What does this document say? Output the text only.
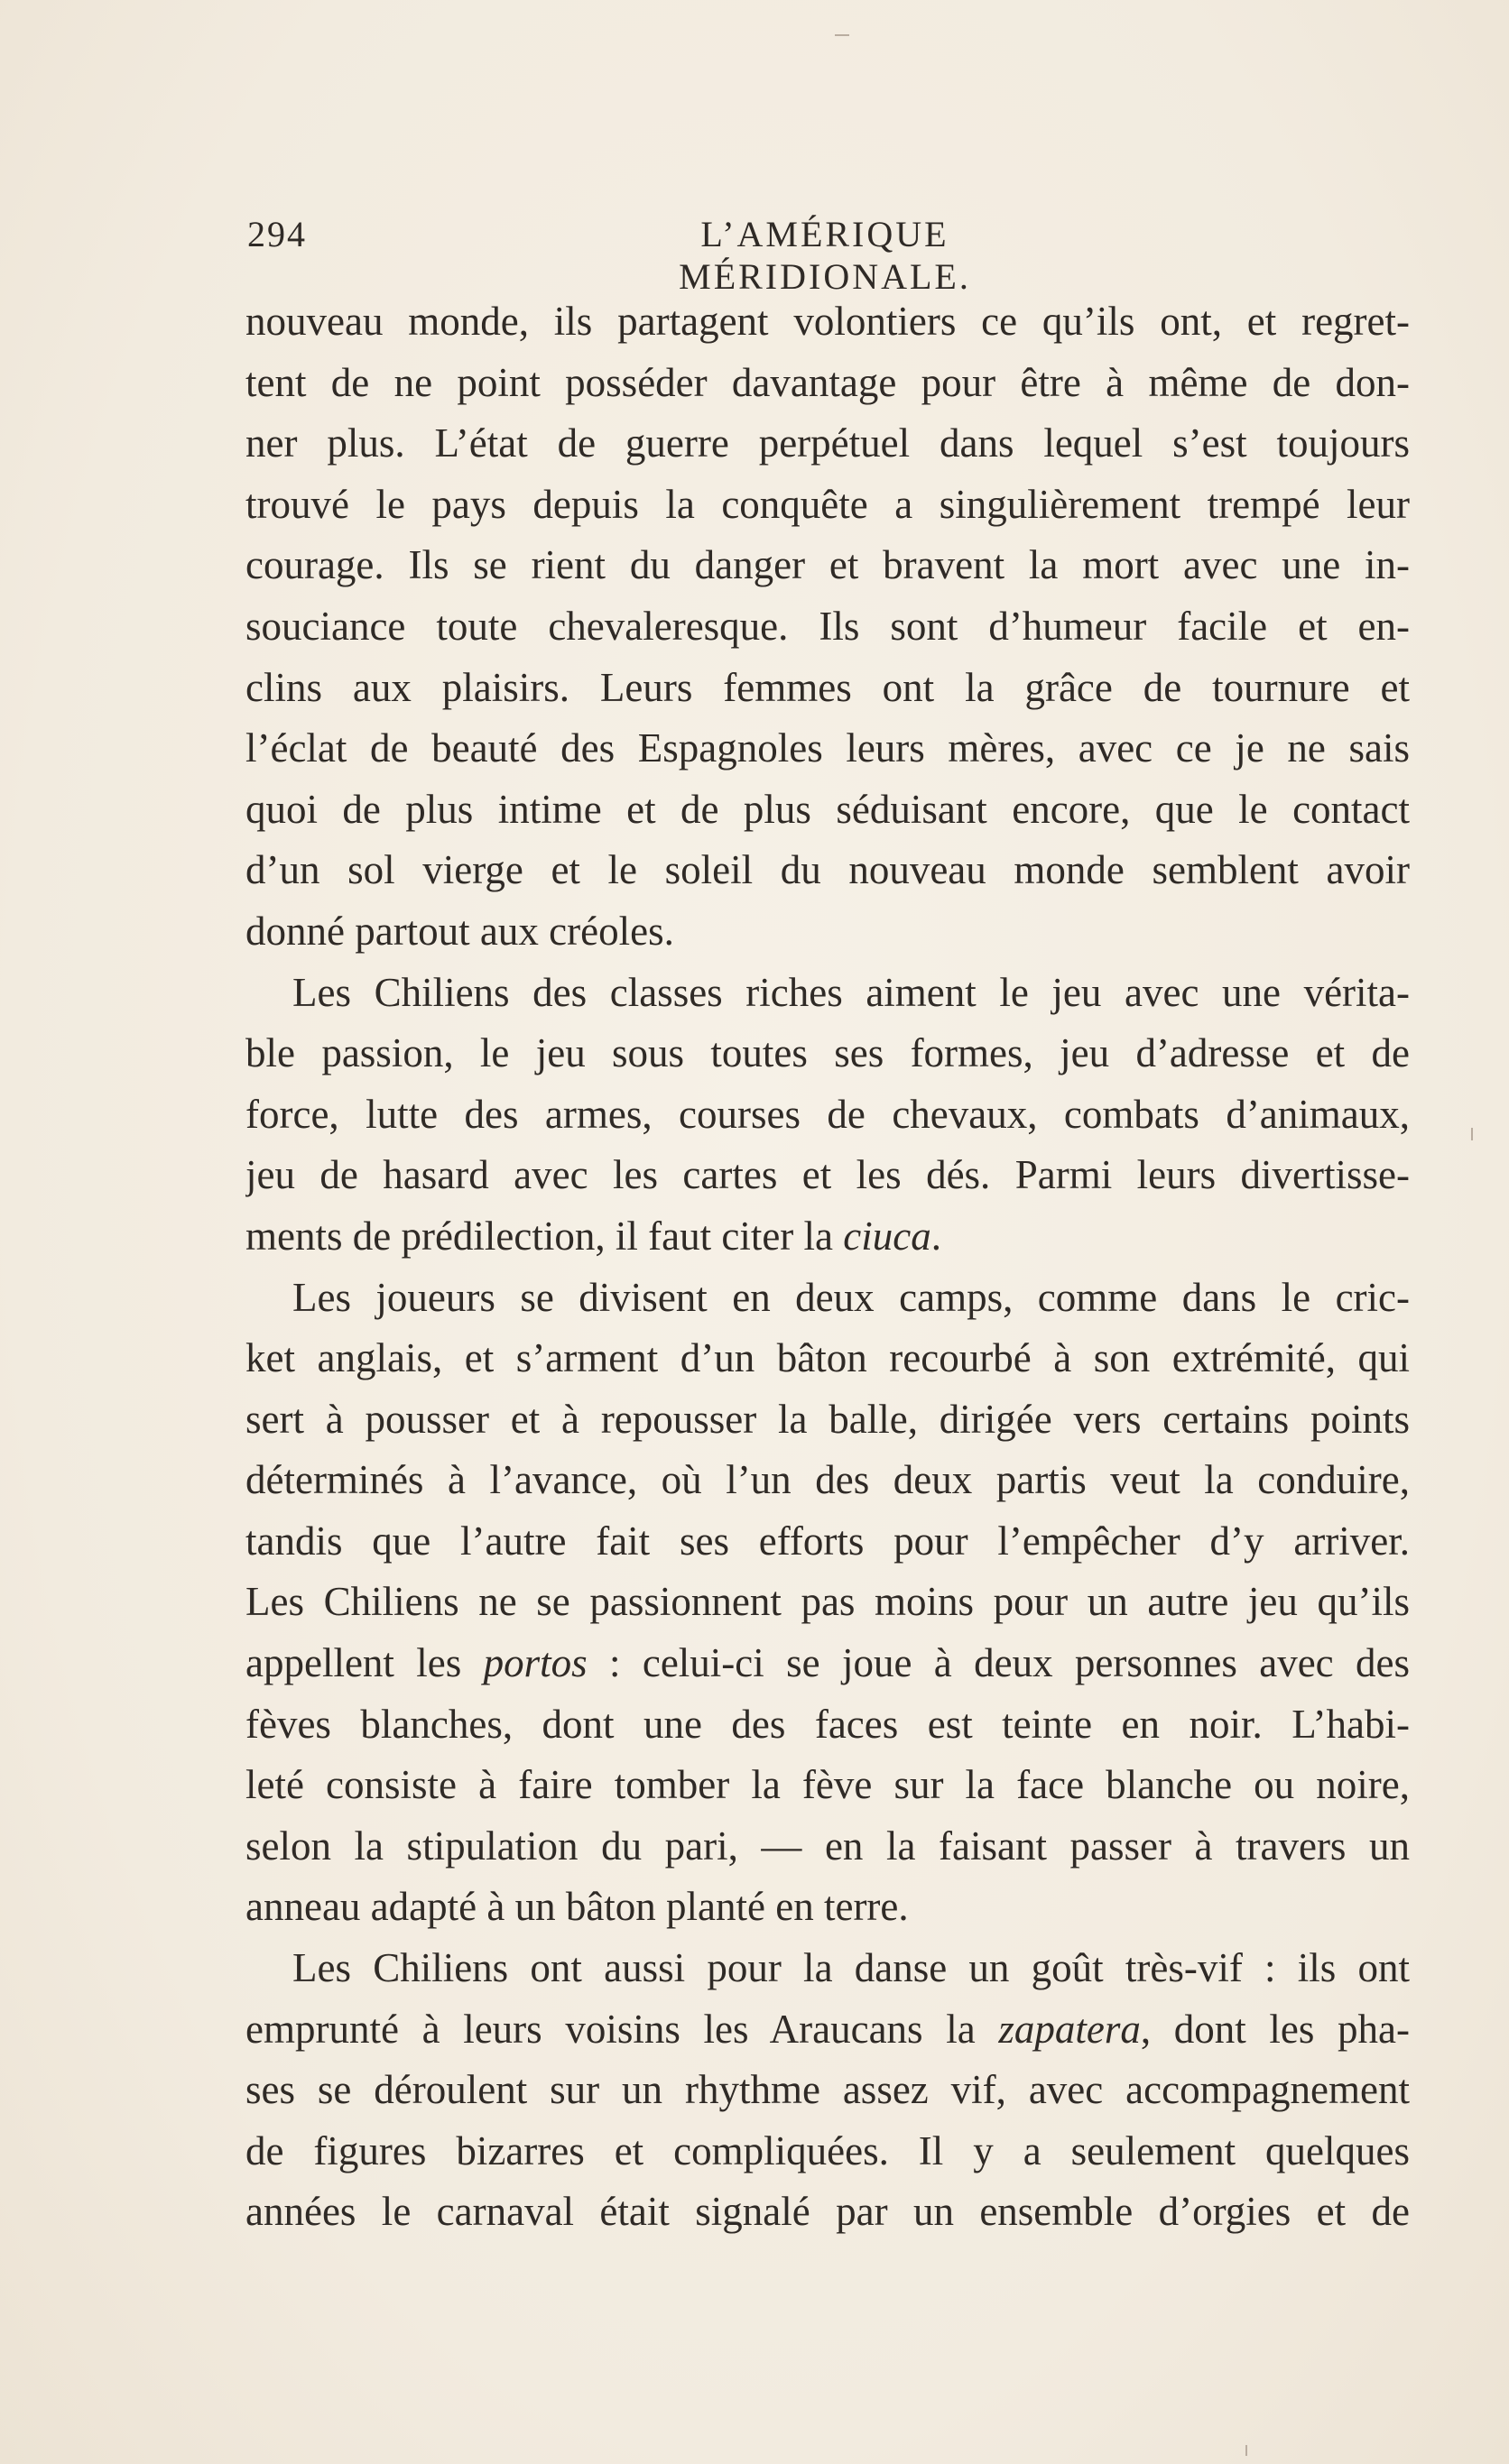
294	L’AMÉRIQUE MÉRIDIONALE.
nouveau monde, ils partagent volontiers ce qu’ils ont, et regret-
tent de ne point posséder davantage pour être à même de don-
ner plus. L’état de guerre perpétuel dans lequel s’est toujours
trouvé le pays depuis la conquête a singulièrement trempé leur
courage. Ils se rient du danger et bravent la mort avec une in-
souciance toute chevaleresque. Ils sont d’humeur facile et en-
clins aux plaisirs. Leurs femmes ont la grâce de tournure et
l’éclat de beauté des Espagnoles leurs mères, avec ce je ne sais
quoi de plus intime et de plus séduisant encore, que le contact
d’un sol vierge et le soleil du nouveau monde semblent avoir
donné partout aux créoles.
Les Chiliens des classes riches aiment le jeu avec une vérita-
ble passion, le jeu sous toutes ses formes, jeu d’adresse et de
force, lutte des armes, courses de chevaux, combats d’animaux,
jeu de hasard avec les cartes et les dés. Parmi leurs divertisse-
ments de prédilection, il faut citer la ciuca.
Les joueurs se divisent en deux camps, comme dans le cric-
ket anglais, et s’arment d’un bâton recourbé à son extrémité, qui
sert à pousser et à repousser la balle, dirigée vers certains points
déterminés à l’avance, où l’un des deux partis veut la conduire,
tandis que l’autre fait ses efforts pour l’empêcher d’y arriver.
Les Chiliens ne se passionnent pas moins pour un autre jeu qu’ils
appellent les portos : celui-ci se joue à deux personnes avec des
fèves blanches, dont une des faces est teinte en noir. L’habi-
leté consiste à faire tomber la fève sur la face blanche ou noire,
selon la stipulation du pari, — en la faisant passer à travers un
anneau adapté à un bâton planté en terre.
Les Chiliens ont aussi pour la danse un goût très-vif : ils ont
emprunté à leurs voisins les Araucans la zapatera, dont les pha-
ses se déroulent sur un rhythme assez vif, avec accompagnement
de figures bizarres et compliquées. Il y a seulement quelques
années le carnaval était signalé par un ensemble d’orgies et de
